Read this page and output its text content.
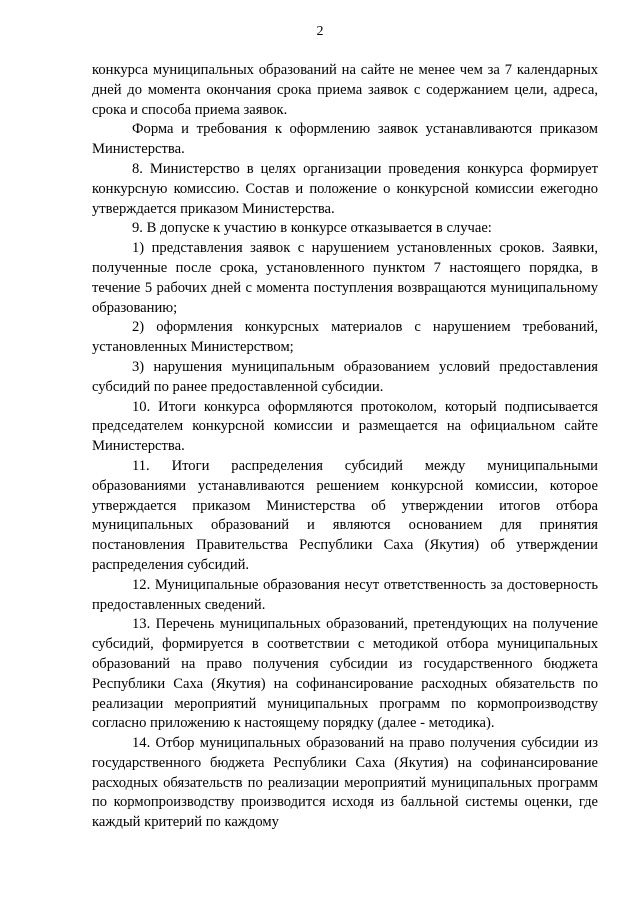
2

конкурса муниципальных образований на сайте не менее чем за 7 календарных дней до момента окончания срока приема заявок с содержанием цели, адреса, срока и способа приема заявок.

Форма и требования к оформлению заявок устанавливаются приказом Министерства.

8. Министерство в целях организации проведения конкурса формирует конкурсную комиссию. Состав и положение о конкурсной комиссии ежегодно утверждается приказом Министерства.

9. В допуске к участию в конкурсе отказывается в случае:

1) представления заявок с нарушением установленных сроков. Заявки, полученные после срока, установленного пунктом 7 настоящего порядка, в течение 5 рабочих дней с момента поступления возвращаются муниципальному образованию;

2) оформления конкурсных материалов с нарушением требований, установленных Министерством;

3) нарушения муниципальным образованием условий предоставления субсидий по ранее предоставленной субсидии.

10. Итоги конкурса оформляются протоколом, который подписывается председателем конкурсной комиссии и размещается на официальном сайте Министерства.

11. Итоги распределения субсидий между муниципальными образованиями устанавливаются решением конкурсной комиссии, которое утверждается приказом Министерства об утверждении итогов отбора муниципальных образований и являются основанием для принятия постановления Правительства Республики Саха (Якутия) об утверждении распределения субсидий.

12. Муниципальные образования несут ответственность за достоверность предоставленных сведений.

13. Перечень муниципальных образований, претендующих на получение субсидий, формируется в соответствии с методикой отбора муниципальных образований на право получения субсидии из государственного бюджета Республики Саха (Якутия) на софинансирование расходных обязательств по реализации мероприятий муниципальных программ по кормопроизводству согласно приложению к настоящему порядку (далее - методика).

14. Отбор муниципальных образований на право получения субсидии из государственного бюджета Республики Саха (Якутия) на софинансирование расходных обязательств по реализации мероприятий муниципальных программ по кормопроизводству производится исходя из балльной системы оценки, где каждый критерий по каждому
